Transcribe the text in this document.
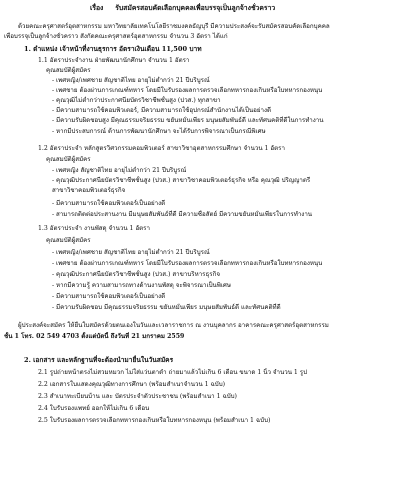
เรื่อง รับสมัครสอบคัดเลือกบุคคลเพื่อบรรจุเป็นลูกจ้างชั่วคราว
ด้วยคณะครุศาสตร์อุตสาหกรรม มหาวิทยาลัยเทคโนโลยีราชมงคลธัญบุรี มีความประสงค์จะรับสมัครสอบคัดเลือกบุคคล
เพื่อบรรจุเป็นลูกจ้างชั่วคราว สังกัดคณะครุศาสตร์อุตสาหกรรม จำนวน 3 อัตรา ได้แก่
1. ตำแหน่ง เจ้าหน้าที่งานธุรการ อัตราเงินเดือน 11,500 บาท
1.1 อัตราประจำงาน ฝ่ายพัฒนานักศึกษา จำนวน 1 อัตรา
คุณสมบัติผู้สมัคร
- เพศหญิง/เพศชาย สัญชาติไทย อายุไม่ต่ำกว่า 21 ปีบริบูรณ์
- เพศชาย ต้องผ่านการเกณฑ์ทหาร โดยมีใบรับรองผลการตรวจเลือกทหารกองเกินหรือใบทหารกองหนุน
- คุณวุฒิไม่ต่ำกว่าประกาศนียบัตรวิชาชีพชั้นสูง (ปวส.) ทุกสาขา
- มีความสามารถใช้คอมพิวเตอร์, มีความสามารถใช้อุปกรณ์สำนักงานได้เป็นอย่างดี
- มีความรับผิดชอบสูง มีคุณธรรมจริยธรรม ขยันหมั่นเพียร มนุษยสัมพันธ์ดี และทัศนคติที่ดีในการทำงาน
- หากมีประสบการณ์ ด้านการพัฒนานักศึกษา จะได้รับการพิจารณาเป็นกรณีพิเศษ
1.2 อัตราประจำ หลักสูตรวิศวกรรมคอมพิวเตอร์ สาขาวิชาอุตสาหกรรมศึกษา จำนวน 1 อัตรา
คุณสมบัติผู้สมัคร
- เพศหญิง สัญชาติไทย อายุไม่ต่ำกว่า 21 ปีบริบูรณ์
- คุณวุฒิประกาศนียบัตรวิชาชีพชั้นสูง (ปวส.) สาขาวิชาคอมพิวเตอร์ธุรกิจ หรือ คุณวุฒิ ปริญญาตรี
สาขาวิชาคอมพิวเตอร์ธุรกิจ
- มีความสามารถใช้คอมพิวเตอร์เป็นอย่างดี
- สามารถติดต่อประสานงาน มีมนุษยสัมพันธ์ที่ดี มีความซื่อสัตย์ มีความขยันหมั่นเพียรในการทำงาน
1.3 อัตราประจำ งานพัสดุ จำนวน 1 อัตรา
คุณสมบัติผู้สมัคร
- เพศหญิง/เพศชาย สัญชาติไทย อายุไม่ต่ำกว่า 21 ปีบริบูรณ์
- เพศชาย ต้องผ่านการเกณฑ์ทหาร โดยมีใบรับรองผลการตรวจเลือกทหารกองเกินหรือใบทหารกองหนุน
- คุณวุฒิประกาศนียบัตรวิชาชีพชั้นสูง (ปวส.) สาขาบริหารธุรกิจ
- หากมีความรู้ ความสามารถทางด้านงานพัสดุ จะพิจารณาเป็นพิเศษ
- มีความสามารถใช้คอมพิวเตอร์เป็นอย่างดี
- มีความรับผิดชอบ มีคุณธรรมจริยธรรม ขยันหมั่นเพียร มนุษยสัมพันธ์ดี และทัศนคติที่ดี
ผู้ประสงค์จะสมัคร ให้ยื่นใบสมัครด้วยตนเองในวันและเวลาราชการ ณ งานบุคลากร อาคารคณะครุศาสตร์อุตสาหกรรม
ชั้น 1 โทร. 02 549 4703 ตั้งแต่บัดนี้ ถึงวันที่ 21 มกราคม 2559
2. เอกสาร และหลักฐานที่จะต้องนำมายื่นในวันสมัคร
2.1 รูปถ่ายหน้าตรงไม่สวมหมวก ไม่ใส่แว่นตาดำ ถ่ายมาแล้วไม่เกิน 6 เดือน ขนาด 1 นิ้ว จำนวน 1 รูป
2.2 เอกสารใบแสดงคุณวุฒิทางการศึกษา (พร้อมสำเนาจำนวน 1 ฉบับ)
2.3 สำเนาทะเบียนบ้าน และ บัตรประจำตัวประชาชน (พร้อมสำเนา 1 ฉบับ)
2.4 ใบรับรองแพทย์ ออกให้ไม่เกิน 6 เดือน
2.5 ใบรับรองผลการตรวจเลือกทหารกองเกินหรือใบทหารกองหนุน (พร้อมสำเนา 1 ฉบับ)
